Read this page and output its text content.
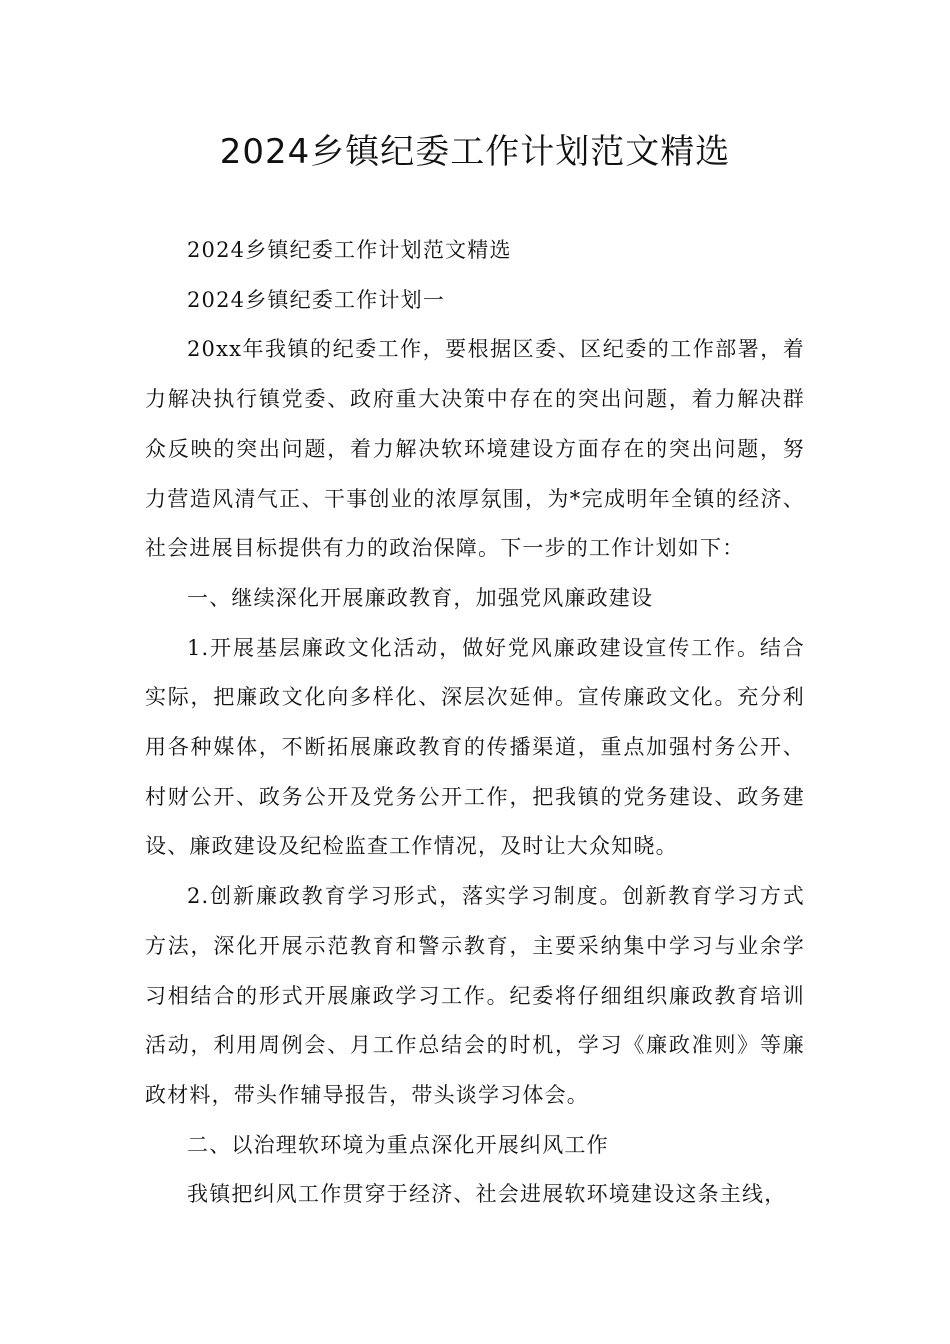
2024乡镇纪委工作计划范文精选

2024乡镇纪委工作计划范文精选

2024乡镇纪委工作计划一

20xx年我镇的纪委工作，要根据区委、区纪委的工作部署，着力解决执行镇党委、政府重大决策中存在的突出问题，着力解决群众反映的突出问题，着力解决软环境建设方面存在的突出问题，努力营造风清气正、干事创业的浓厚氛围，为*完成明年全镇的经济、社会进展目标提供有力的政治保障。下一步的工作计划如下：

一、继续深化开展廉政教育，加强党风廉政建设

1.开展基层廉政文化活动，做好党风廉政建设宣传工作。结合实际，把廉政文化向多样化、深层次延伸。宣传廉政文化。充分利用各种媒体，不断拓展廉政教育的传播渠道，重点加强村务公开、村财公开、政务公开及党务公开工作，把我镇的党务建设、政务建设、廉政建设及纪检监查工作情况，及时让大众知晓。

2.创新廉政教育学习形式，落实学习制度。创新教育学习方式方法，深化开展示范教育和警示教育，主要采纳集中学习与业余学习相结合的形式开展廉政学习工作。纪委将仔细组织廉政教育培训活动，利用周例会、月工作总结会的时机，学习《廉政准则》等廉政材料，带头作辅导报告，带头谈学习体会。

二、以治理软环境为重点深化开展纠风工作

我镇把纠风工作贯穿于经济、社会进展软环境建设这条主线，
